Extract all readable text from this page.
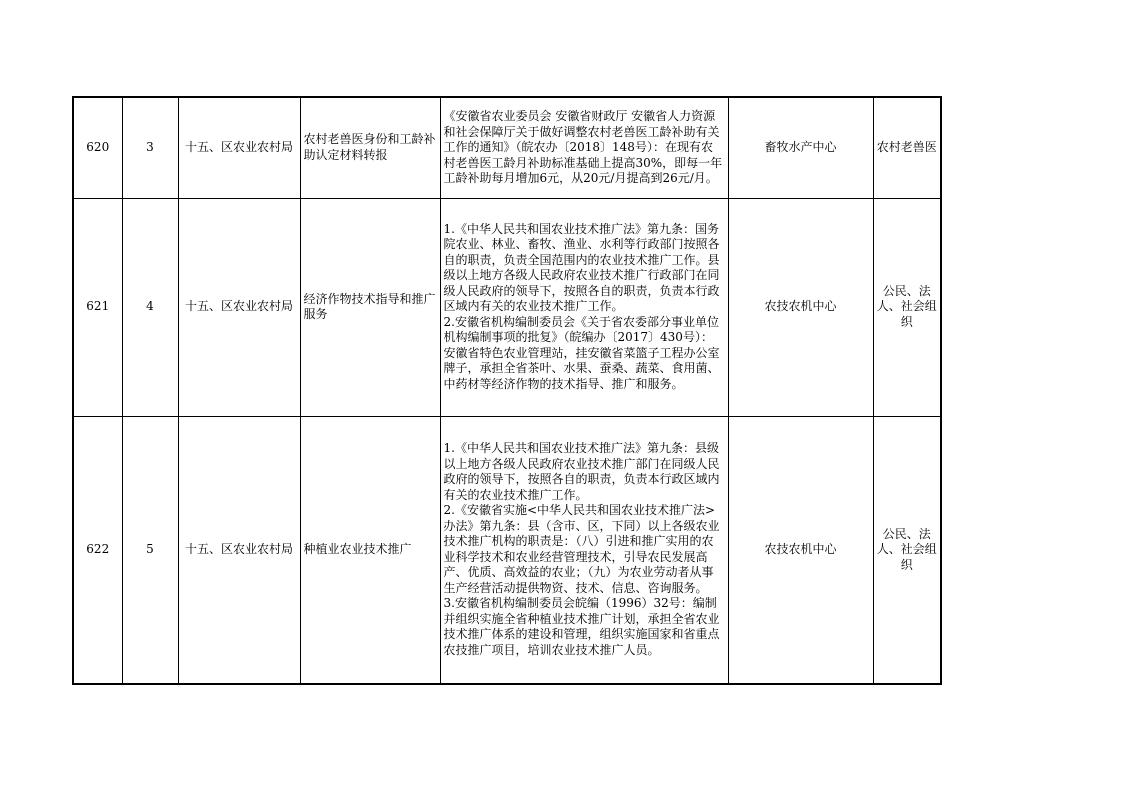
620	3	十五、区农业农村局	农村老兽医身份和工龄补助认定材料转报	《安徽省农业委员会 安徽省财政厅 安徽省人力资源和社会保障厅关于做好调整农村老兽医工龄补助有关工作的通知》（皖农办〔2018〕148号）：在现有农村老兽医工龄月补助标准基础上提高30%，即每一年工龄补助每月增加6元，从20元/月提高到26元/月。	畜牧水产中心	农村老兽医
621	4	十五、区农业农村局	经济作物技术指导和推广服务	1.《中华人民共和国农业技术推广法》第九条：国务院农业、林业、畜牧、渔业、水利等行政部门按照各自的职责，负责全国范围内的农业技术推广工作。县级以上地方各级人民政府农业技术推广行政部门在同级人民政府的领导下，按照各自的职责，负责本行政区域内有关的农业技术推广工作。
2.安徽省机构编制委员会《关于省农委部分事业单位机构编制事项的批复》（皖编办〔2017〕430号）：安徽省特色农业管理站，挂安徽省菜篮子工程办公室牌子，承担全省茶叶、水果、蚕桑、蔬菜、食用菌、中药材等经济作物的技术指导、推广和服务。	农技农机中心	公民、法人、社会组织
622	5	十五、区农业农村局	种植业农业技术推广	1.《中华人民共和国农业技术推广法》第九条：县级以上地方各级人民政府农业技术推广部门在同级人民政府的领导下，按照各自的职责，负责本行政区域内有关的农业技术推广工作。
2.《安徽省实施<中华人民共和国农业技术推广法>办法》第九条：县（含市、区，下同）以上各级农业技术推广机构的职责是：（八）引进和推广实用的农业科学技术和农业经营管理技术，引导农民发展高产、优质、高效益的农业；（九）为农业劳动者从事生产经营活动提供物资、技术、信息、咨询服务。
3.安徽省机构编制委员会皖编（1996）32号：编制并组织实施全省种植业技术推广计划，承担全省农业技术推广体系的建设和管理，组织实施国家和省重点农技推广项目，培训农业技术推广人员。	农技农机中心	公民、法人、社会组织
